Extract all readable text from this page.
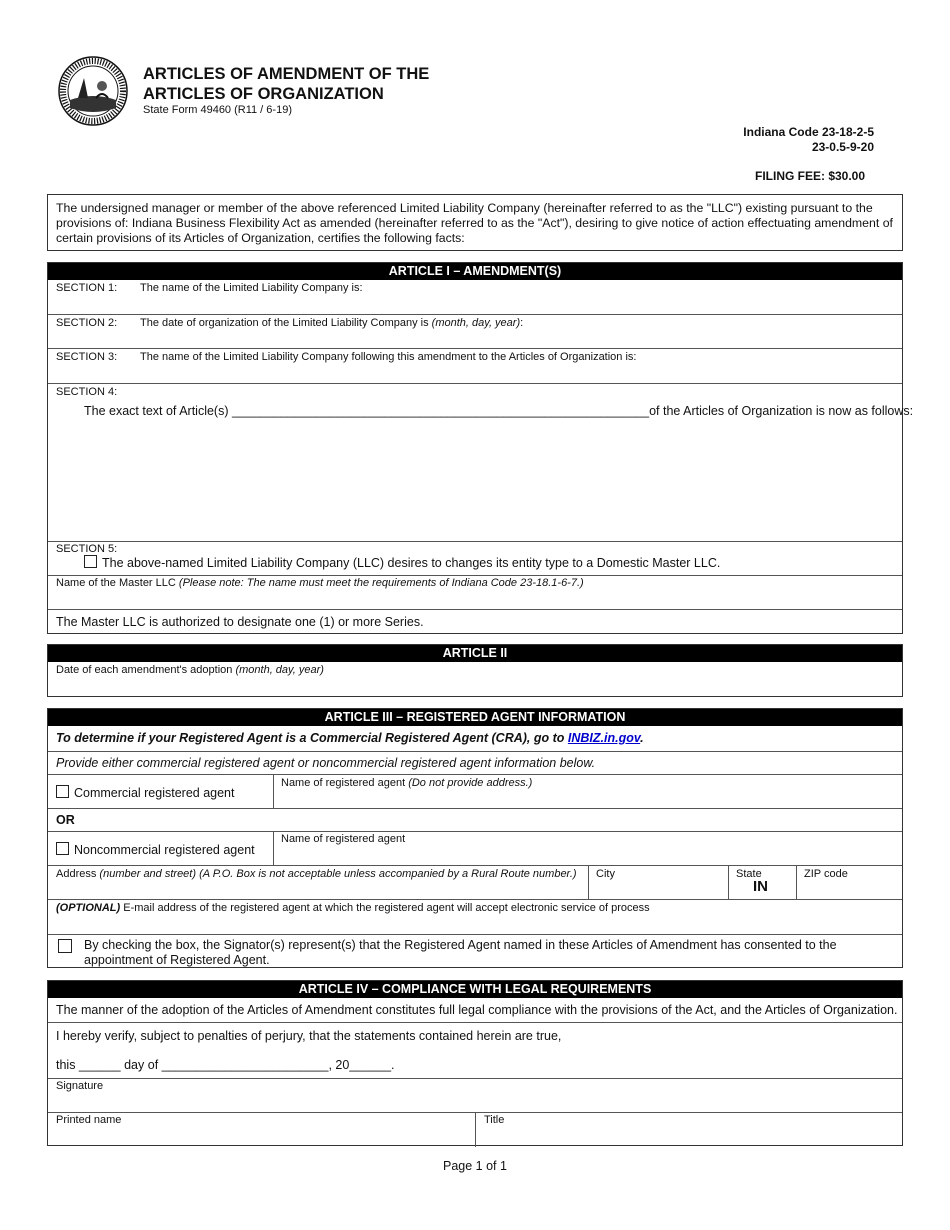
ARTICLES OF AMENDMENT OF THE
ARTICLES OF ORGANIZATION
State Form 49460 (R11 / 6-19)
Indiana Code 23-18-2-5
23-0.5-9-20
FILING FEE: $30.00
The undersigned manager or member of the above referenced Limited Liability Company (hereinafter referred to as the "LLC") existing pursuant to the provisions of: Indiana Business Flexibility Act as amended (hereinafter referred to as the "Act"), desiring to give notice of action effectuating amendment of certain provisions of its Articles of Organization, certifies the following facts:
ARTICLE I – AMENDMENT(S)
SECTION 1: The name of the Limited Liability Company is:
SECTION 2: The date of organization of the Limited Liability Company is (month, day, year):
SECTION 3: The name of the Limited Liability Company following this amendment to the Articles of Organization is:
SECTION 4:
The exact text of Article(s) ____________________________________________________________of the Articles of Organization is now as follows:
SECTION 5:
The above-named Limited Liability Company (LLC) desires to changes its entity type to a Domestic Master LLC.
Name of the Master LLC (Please note: The name must meet the requirements of Indiana Code 23-18.1-6-7.)
The Master LLC is authorized to designate one (1) or more Series.
ARTICLE II
Date of each amendment's adoption (month, day, year)
ARTICLE III – REGISTERED AGENT INFORMATION
To determine if your Registered Agent is a Commercial Registered Agent (CRA), go to INBIZ.in.gov.
Provide either commercial registered agent or noncommercial registered agent information below.
Commercial registered agent
Name of registered agent (Do not provide address.)
OR
Noncommercial registered agent
Name of registered agent
Address (number and street) (A P.O. Box is not acceptable unless accompanied by a Rural Route number.) City	State
IN
ZIP code
(OPTIONAL) E-mail address of the registered agent at which the registered agent will accept electronic service of process
By checking the box, the Signator(s) represent(s) that the Registered Agent named in these Articles of Amendment has consented to the appointment of Registered Agent.
ARTICLE IV – COMPLIANCE WITH LEGAL REQUIREMENTS
The manner of the adoption of the Articles of Amendment constitutes full legal compliance with the provisions of the Act, and the Articles of Organization.
I hereby verify, subject to penalties of perjury, that the statements contained herein are true,
this ______ day of ________________________, 20______.
Signature
Printed name	Title
Page 1 of 1
